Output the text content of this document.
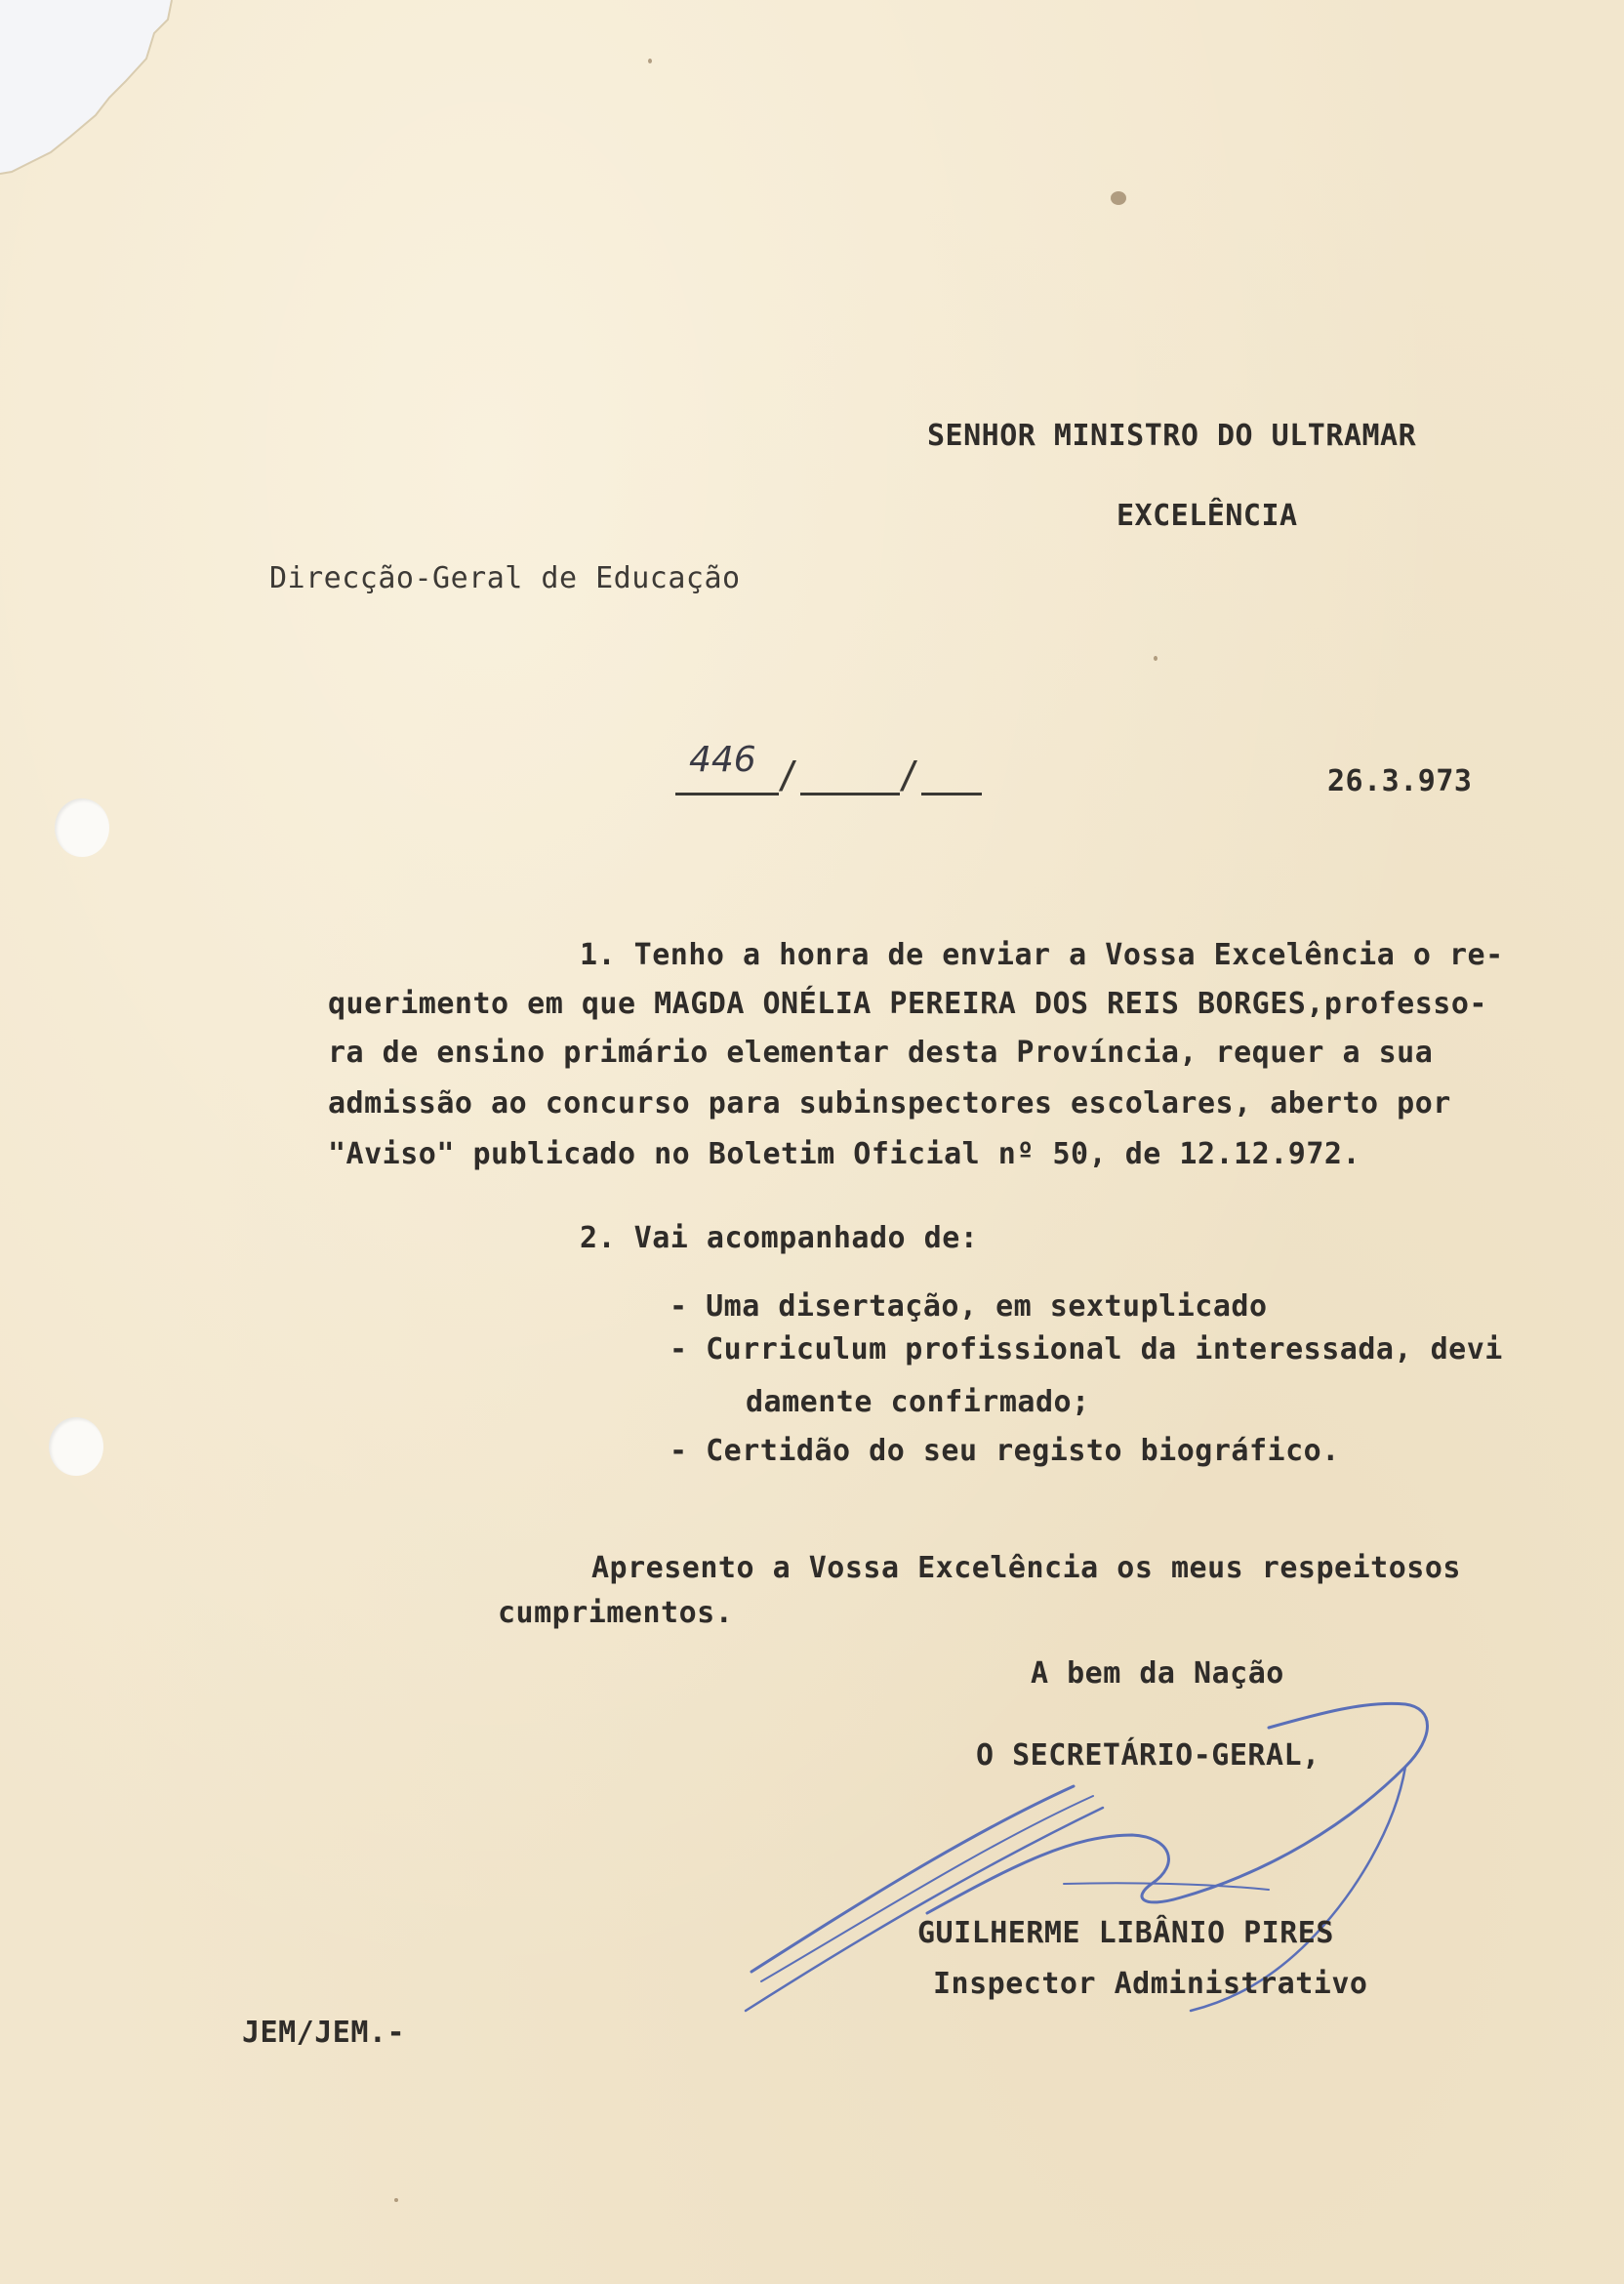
SENHOR MINISTRO DO ULTRAMAR
EXCELÊNCIA
Direcção-Geral de Educação
446 /	/	26.3.973
1. Tenho a honra de enviar a Vossa Excelência o re-
querimento em que MAGDA ONÉLIA PEREIRA DOS REIS BORGES,professo-
ra de ensino primário elementar desta Província, requer a sua
admissão ao concurso para subinspectores escolares, aberto por
"Aviso" publicado no Boletim Oficial nº 50, de 12.12.972.
2. Vai acompanhado de:
- Uma disertação, em sextuplicado
- Curriculum profissional da interessada, devi
damente confirmado;
- Certidão do seu registo biográfico.
Apresento a Vossa Excelência os meus respeitosos
cumprimentos.
A bem da Nação
O SECRETÁRIO-GERAL,
GUILHERME LIBÂNIO PIRES
Inspector Administrativo
JEM/JEM.-
